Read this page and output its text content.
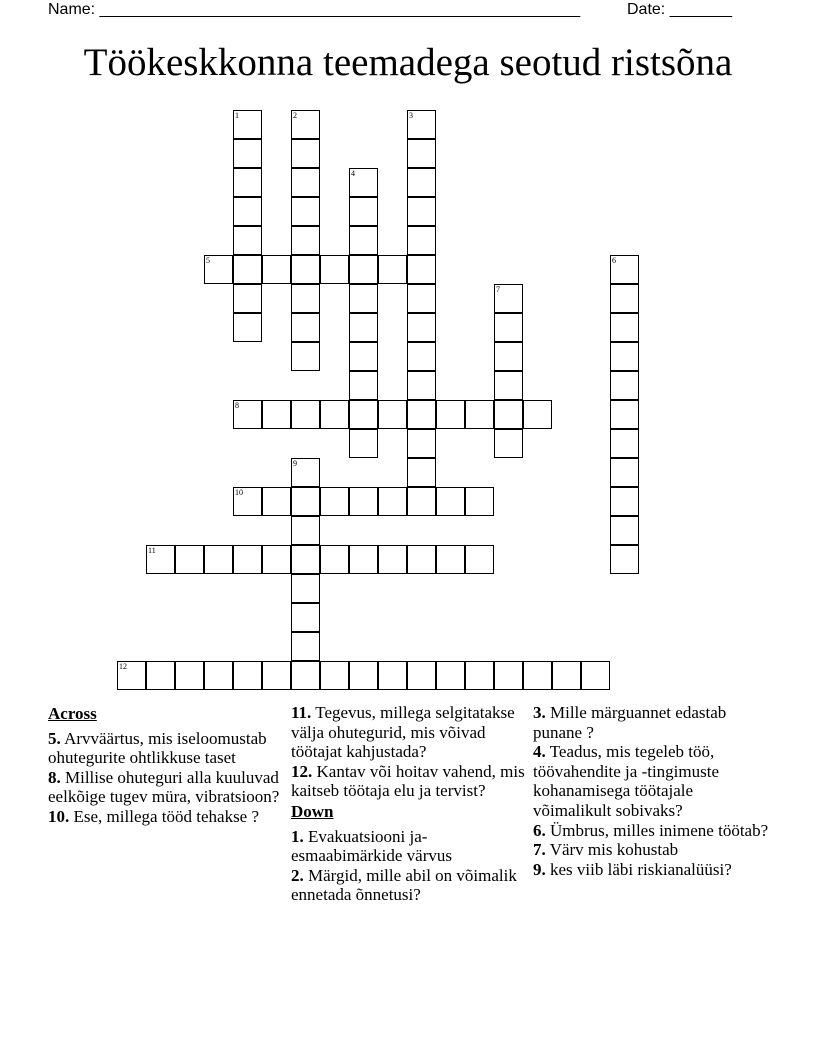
Name: ______________________________________________________	Date: _______
Töökeskkonna teemadega seotud ristsõna
1	2	3
4
5	6
7
8
9
10
11
12
Across
5. Arvväärtus, mis iseloomustab ohutegurite ohtlikkuse taset
8. Millise ohuteguri alla kuuluvad eelkõige tugev müra, vibratsioon?
10. Ese, millega tööd tehakse ?
11. Tegevus, millega selgitatakse välja ohutegurid, mis võivad töötajat kahjustada?
12. Kantav või hoitav vahend, mis kaitseb töötaja elu ja tervist?
Down
1. Evakuatsiooni ja-esmaabimärkide värvus
2. Märgid, mille abil on võimalik ennetada õnnetusi?
3. Mille märguannet edastab punane ?
4. Teadus, mis tegeleb töö, töövahendite ja -tingimuste kohanamisega töötajale võimalikult sobivaks?
6. Ümbrus, milles inimene töötab?
7. Värv mis kohustab
9. kes viib läbi riskianalüüsi?
